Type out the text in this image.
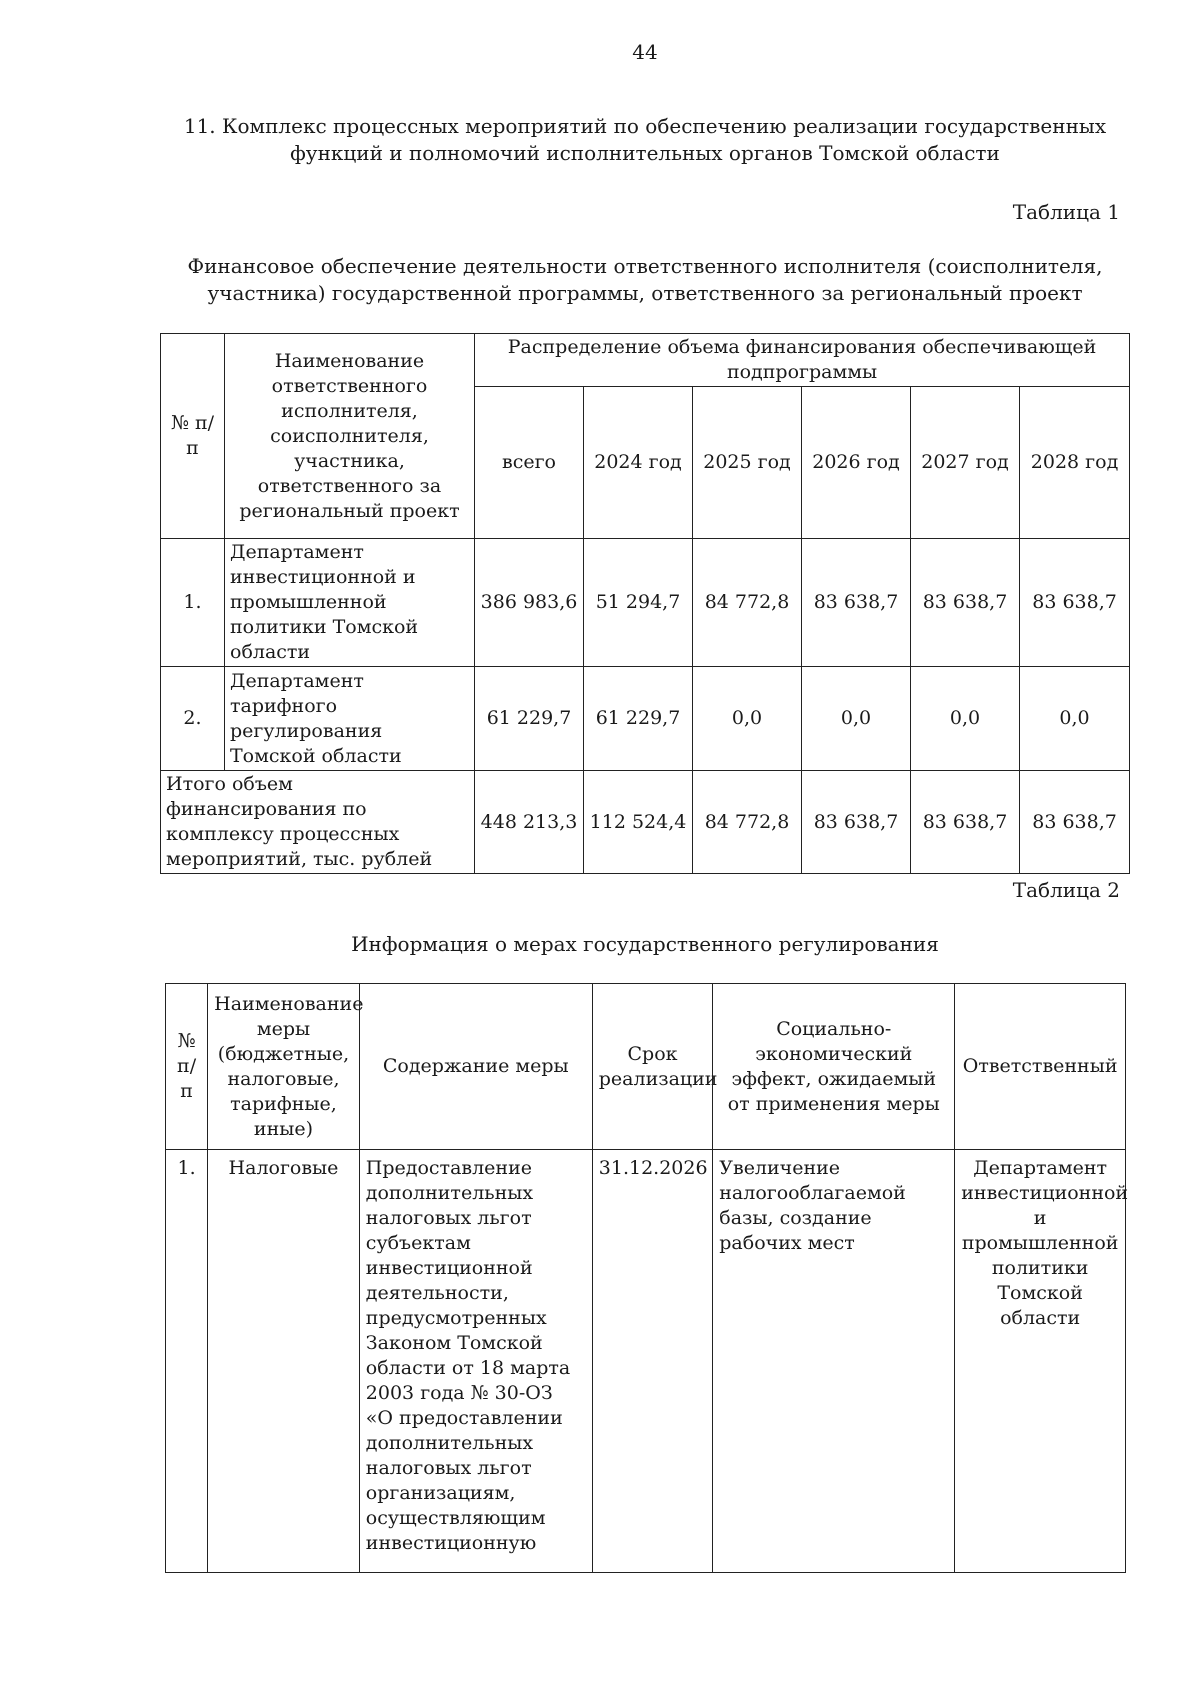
44
11. Комплекс процессных мероприятий по обеспечению реализации государственных
функций и полномочий исполнительных органов Томской области
Таблица 1
Финансовое обеспечение деятельности ответственного исполнителя (соисполнителя,
участника) государственной программы, ответственного за региональный проект
№ п/п	Наименование ответственного исполнителя, соисполнителя, участника, ответственного за региональный проект	Распределение объема финансирования обеспечивающей подпрограммы					
		всего	2024 год	2025 год	2026 год	2027 год	2028 год
1.	Департамент инвестиционной и промышленной политики Томской области	386 983,6	51 294,7	84 772,8	83 638,7	83 638,7	83 638,7
2.	Департамент тарифного регулирования Томской области	61 229,7	61 229,7	0,0	0,0	0,0	0,0
Итого объем финансирования по комплексу процессных мероприятий, тыс. рублей		448 213,3	112 524,4	84 772,8	83 638,7	83 638,7	83 638,7
Таблица 2
Информация о мерах государственного регулирования
№ п/п	Наименование меры (бюджетные, налоговые, тарифные, иные)	Содержание меры	Срок реализации	Социально-экономический эффект, ожидаемый от применения меры	Ответственный
1.	Налоговые	Предоставление дополнительных налоговых льгот субъектам инвестиционной деятельности, предусмотренных Законом Томской области от 18 марта 2003 года № 30-ОЗ «О предоставлении дополнительных налоговых льгот организациям, осуществляющим инвестиционную	31.12.2026	Увеличение налогооблагаемой базы, создание рабочих мест	Департамент инвестиционной и промышленной политики Томской области
